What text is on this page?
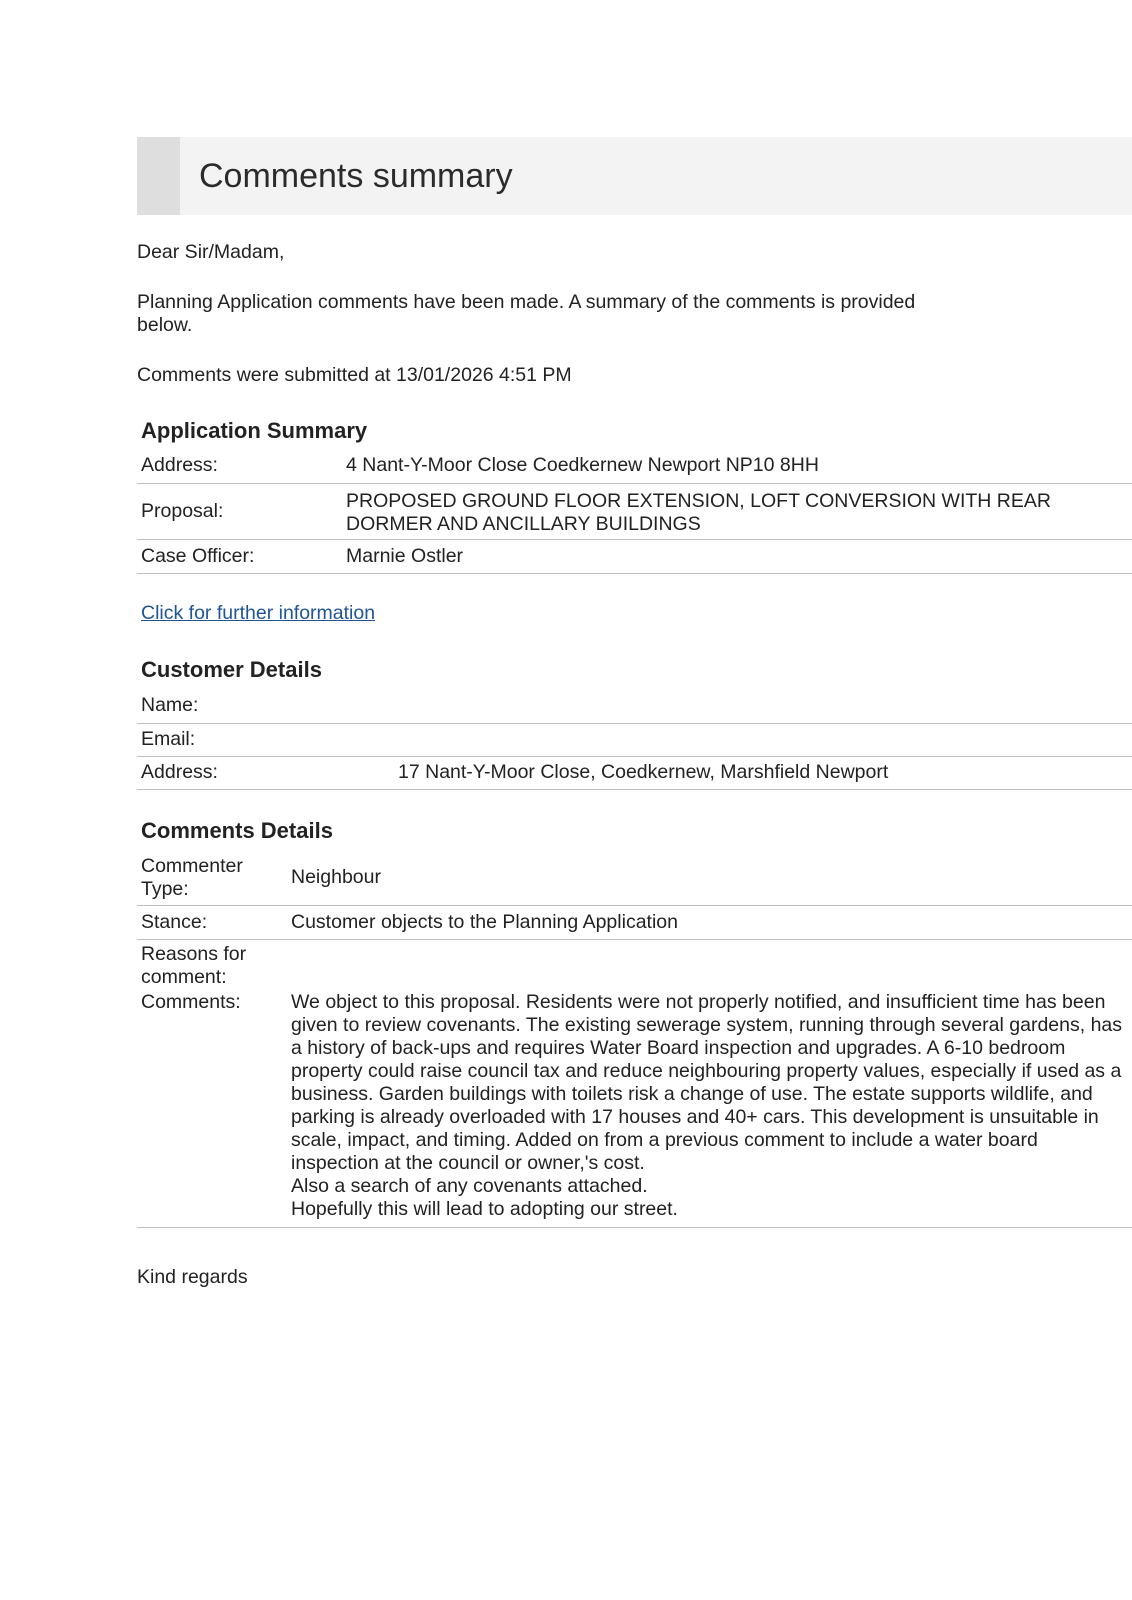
Comments summary
Dear Sir/Madam,
Planning Application comments have been made. A summary of the comments is provided below.
Comments were submitted at 13/01/2026 4:51 PM
Application Summary
Address:	4 Nant-Y-Moor Close Coedkernew Newport NP10 8HH
Proposal:	PROPOSED GROUND FLOOR EXTENSION, LOFT CONVERSION WITH REAR DORMER AND ANCILLARY BUILDINGS
Case Officer:	Marnie Ostler
Click for further information
Customer Details
Name:	
Email:	
Address:	17 Nant-Y-Moor Close, Coedkernew, Marshfield Newport
Comments Details
Commenter Type:	Neighbour
Stance:	Customer objects to the Planning Application
Reasons for comment:	
Comments:	We object to this proposal. Residents were not properly notified, and insufficient time has been given to review covenants. The existing sewerage system, running through several gardens, has a history of back-ups and requires Water Board inspection and upgrades. A 6-10 bedroom property could raise council tax and reduce neighbouring property values, especially if used as a business. Garden buildings with toilets risk a change of use. The estate supports wildlife, and parking is already overloaded with 17 houses and 40+ cars. This development is unsuitable in scale, impact, and timing. Added on from a previous comment to include a water board inspection at the council or owner,'s cost.
Also a search of any covenants attached.
Hopefully this will lead to adopting our street.
Kind regards
